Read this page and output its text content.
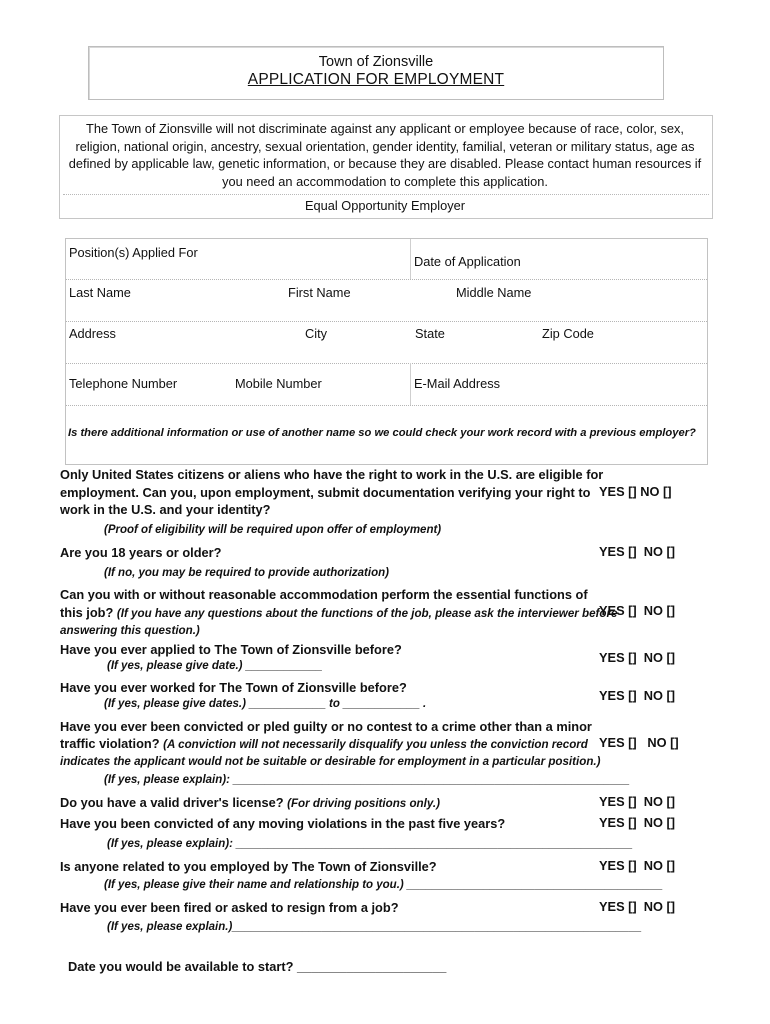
Town of Zionsville
APPLICATION FOR EMPLOYMENT
The Town of Zionsville will not discriminate against any applicant or employee because of race, color, sex, religion, national origin, ancestry, sexual orientation, gender identity, familial, veteran or military status, age as defined by applicable law, genetic information, or because they are disabled. Please contact human resources if you need an accommodation to complete this application.
Equal Opportunity Employer
Position(s) Applied For
Date of Application
Last Name	First Name	Middle Name
Address	City	State	Zip Code
Telephone Number	Mobile Number	E-Mail Address
Is there additional information or use of another name so we could check your work record with a previous employer?
Only United States citizens or aliens who have the right to work in the U.S. are eligible for
employment. Can you, upon employment, submit documentation verifying your right to
work in the U.S. and your identity?
YES [] NO []
(Proof of eligibility will be required upon offer of employment)
Are you 18 years or older?	YES []  NO []
(If no, you may be required to provide authorization)
Can you with or without reasonable accommodation perform the essential functions of
this job? (If you have any questions about the functions of the job, please ask the interviewer before
answering this question.)
YES []  NO []
Have you ever applied to The Town of Zionsville before?
(If yes, please give date.) ____________
YES []  NO []
Have you ever worked for The Town of Zionsville before?
(If yes, please give dates.) ____________ to ____________ .
YES []  NO []
Have you ever been convicted or pled guilty or no contest to a crime other than a minor
traffic violation? (A conviction will not necessarily disqualify you unless the conviction record
indicates the applicant would not be suitable or desirable for employment in a particular position.)
YES []   NO []
(If yes, please explain): ______________________________________________________________
Do you have a valid driver's license? (For driving positions only.)	YES []  NO []
Have you been convicted of any moving violations in the past five years?	YES []  NO []
(If yes, please explain): ______________________________________________________________
Is anyone related to you employed by The Town of Zionsville?	YES []  NO []
(If yes, please give their name and relationship to you.) ________________________________________
Have you ever been fired or asked to resign from a job?	YES []  NO []
(If yes, please explain.)________________________________________________________________
Date you would be available to start? _____________________
